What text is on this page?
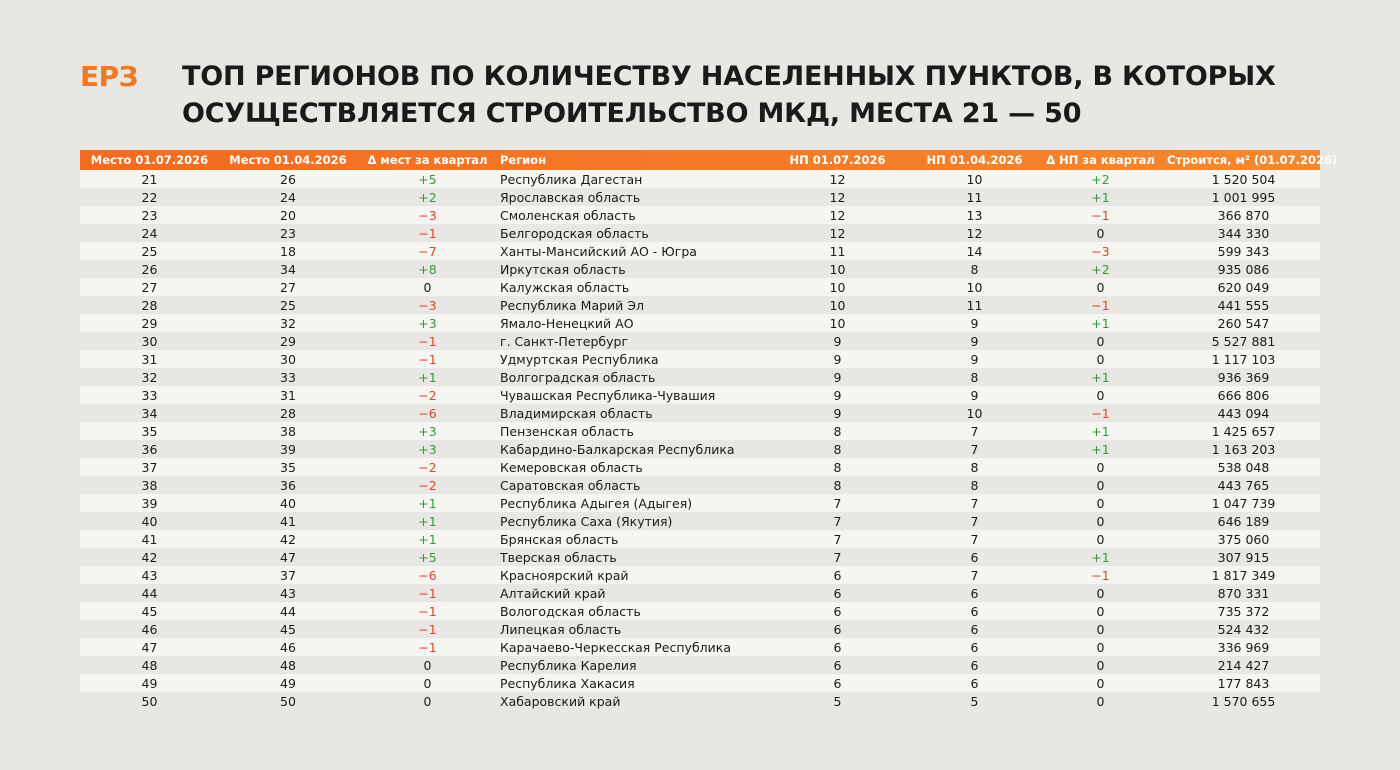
ЕРЗ ТОП РЕГИОНОВ ПО КОЛИЧЕСТВУ НАСЕЛЕННЫХ ПУНКТОВ, В КОТОРЫХ
ОСУЩЕСТВЛЯЕТСЯ СТРОИТЕЛЬСТВО МКД, МЕСТА 21 — 50
Место 01.07.2026	Место 01.04.2026	Δ мест за квартал	Регион	НП 01.07.2026	НП 01.04.2026	Δ НП за квартал	Строится, м² (01.07.2026)
21	26	+5	Республика Дагестан	12	10	+2	1 520 504
22	24	+2	Ярославская область	12	11	+1	1 001 995
23	20	−3	Смоленская область	12	13	−1	366 870
24	23	−1	Белгородская область	12	12	0	344 330
25	18	−7	Ханты-Мансийский АО - Югра	11	14	−3	599 343
26	34	+8	Иркутская область	10	8	+2	935 086
27	27	0	Калужская область	10	10	0	620 049
28	25	−3	Республика Марий Эл	10	11	−1	441 555
29	32	+3	Ямало-Ненецкий АО	10	9	+1	260 547
30	29	−1	г. Санкт-Петербург	9	9	0	5 527 881
31	30	−1	Удмуртская Республика	9	9	0	1 117 103
32	33	+1	Волгоградская область	9	8	+1	936 369
33	31	−2	Чувашская Республика-Чувашия	9	9	0	666 806
34	28	−6	Владимирская область	9	10	−1	443 094
35	38	+3	Пензенская область	8	7	+1	1 425 657
36	39	+3	Кабардино-Балкарская Республика	8	7	+1	1 163 203
37	35	−2	Кемеровская область	8	8	0	538 048
38	36	−2	Саратовская область	8	8	0	443 765
39	40	+1	Республика Адыгея (Адыгея)	7	7	0	1 047 739
40	41	+1	Республика Саха (Якутия)	7	7	0	646 189
41	42	+1	Брянская область	7	7	0	375 060
42	47	+5	Тверская область	7	6	+1	307 915
43	37	−6	Красноярский край	6	7	−1	1 817 349
44	43	−1	Алтайский край	6	6	0	870 331
45	44	−1	Вологодская область	6	6	0	735 372
46	45	−1	Липецкая область	6	6	0	524 432
47	46	−1	Карачаево-Черкесская Республика	6	6	0	336 969
48	48	0	Республика Карелия	6	6	0	214 427
49	49	0	Республика Хакасия	6	6	0	177 843
50	50	0	Хабаровский край	5	5	0	1 570 655
